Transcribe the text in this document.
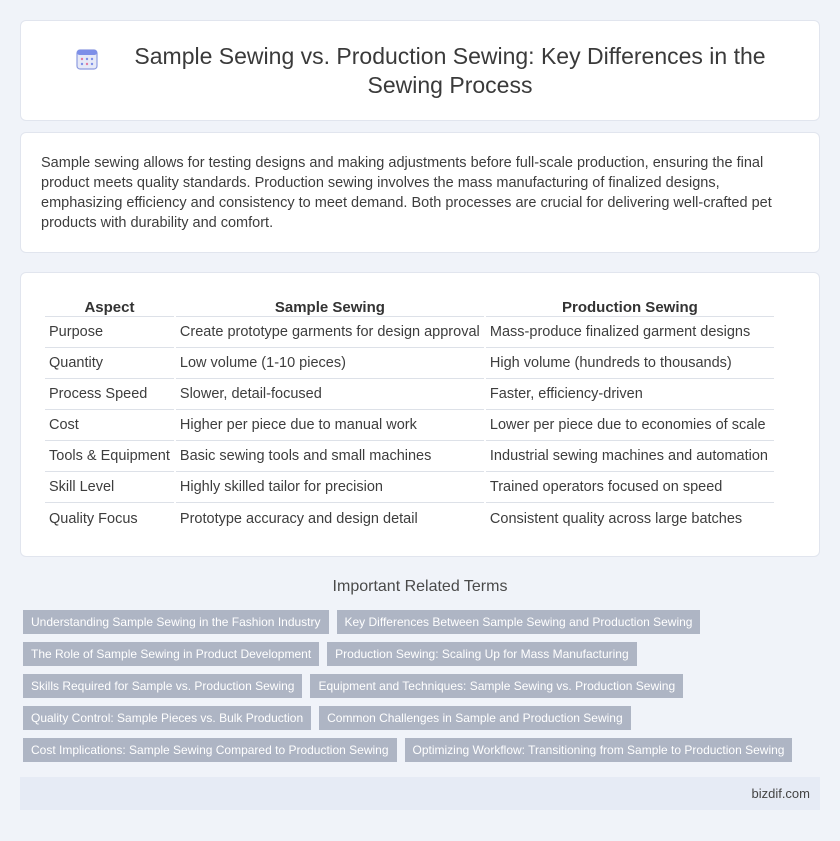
Sample Sewing vs. Production Sewing: Key Differences in the Sewing Process

Sample sewing allows for testing designs and making adjustments before full-scale production, ensuring the final product meets quality standards. Production sewing involves the mass manufacturing of finalized designs, emphasizing efficiency and consistency to meet demand. Both processes are crucial for delivering well-crafted pet products with durability and comfort.

Aspect	Sample Sewing	Production Sewing
Purpose	Create prototype garments for design approval	Mass-produce finalized garment designs
Quantity	Low volume (1-10 pieces)	High volume (hundreds to thousands)
Process Speed	Slower, detail-focused	Faster, efficiency-driven
Cost	Higher per piece due to manual work	Lower per piece due to economies of scale
Tools & Equipment	Basic sewing tools and small machines	Industrial sewing machines and automation
Skill Level	Highly skilled tailor for precision	Trained operators focused on speed
Quality Focus	Prototype accuracy and design detail	Consistent quality across large batches
Important Related Terms
Understanding Sample Sewing in the Fashion Industry	Key Differences Between Sample Sewing and Production Sewing
The Role of Sample Sewing in Product Development	Production Sewing: Scaling Up for Mass Manufacturing
Skills Required for Sample vs. Production Sewing	Equipment and Techniques: Sample Sewing vs. Production Sewing
Quality Control: Sample Pieces vs. Bulk Production	Common Challenges in Sample and Production Sewing
Cost Implications: Sample Sewing Compared to Production Sewing	Optimizing Workflow: Transitioning from Sample to Production Sewing
bizdif.com
